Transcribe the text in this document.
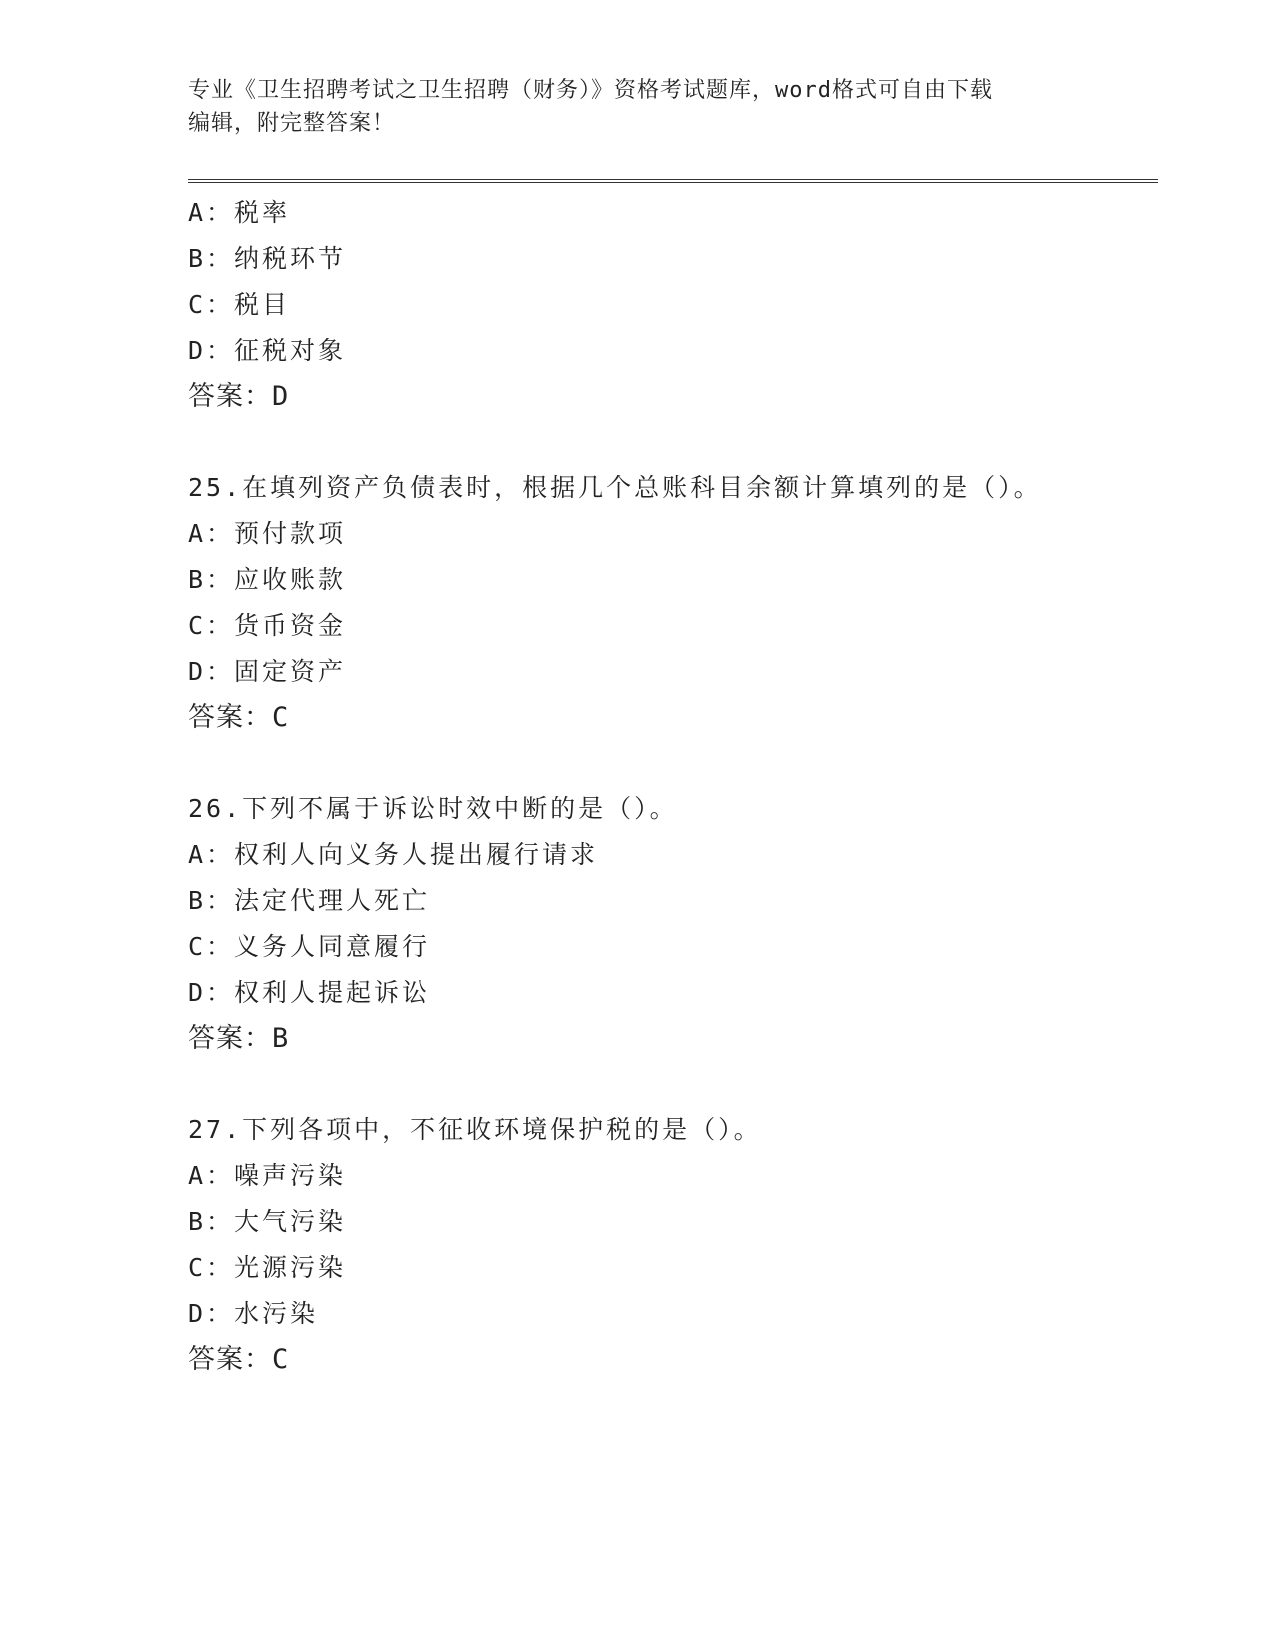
专业《卫生招聘考试之卫生招聘（财务）》资格考试题库，word格式可自由下载
编辑，附完整答案！
A：税率
B：纳税环节
C：税目
D：征税对象
答案：D
25.在填列资产负债表时，根据几个总账科目余额计算填列的是（）。
A：预付款项
B：应收账款
C：货币资金
D：固定资产
答案：C
26.下列不属于诉讼时效中断的是（）。
A：权利人向义务人提出履行请求
B：法定代理人死亡
C：义务人同意履行
D：权利人提起诉讼
答案：B
27.下列各项中，不征收环境保护税的是（）。
A：噪声污染
B：大气污染
C：光源污染
D：水污染
答案：C
